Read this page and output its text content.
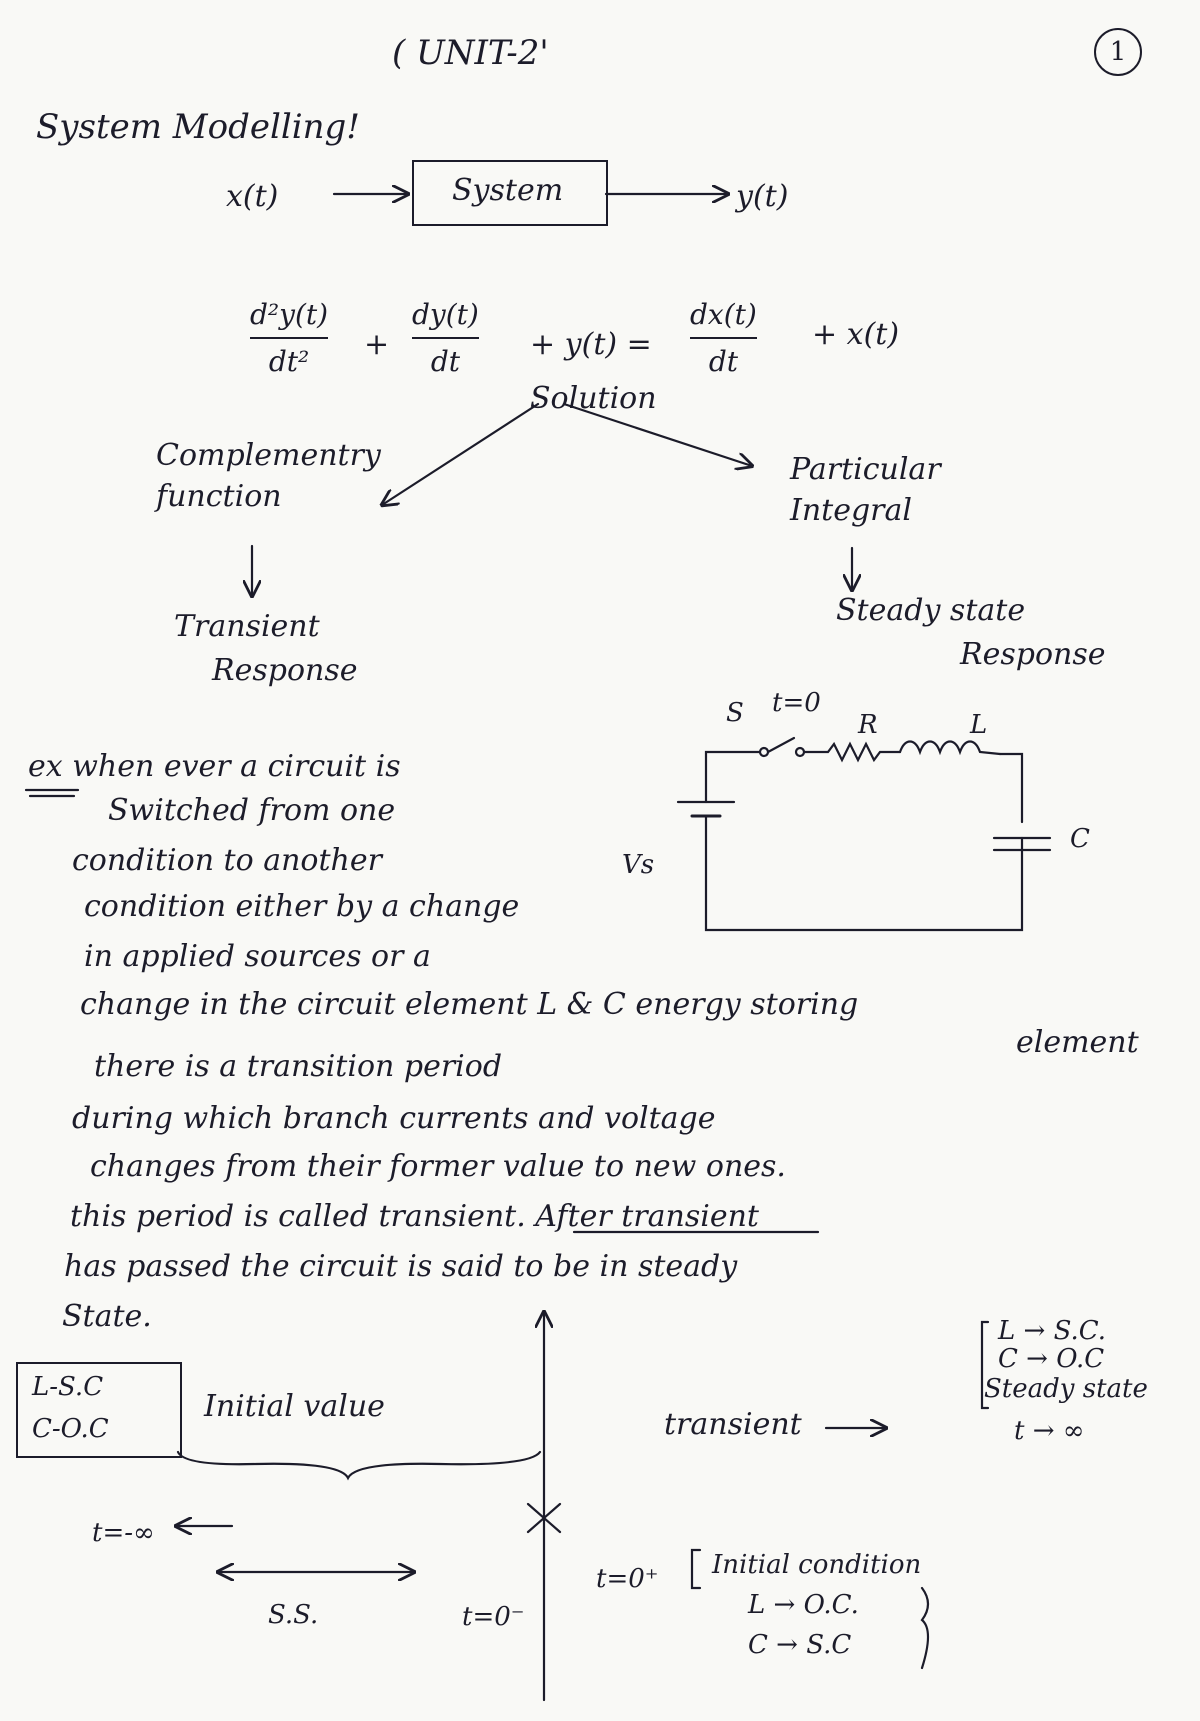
( UNIT-2'	1
System Modelling!
x(t)	System	y(t)
d²y(t)
dt² +
dy(t)
dt + y(t) =
dx(t)
dt
+ x(t)
Solution
Complementry function
Particular Integral
Transient
Response
Steady state
Response
S t=0
R	L
C
Vs
ex when ever a circuit is
Switched from one
condition to another
condition either by a change
in applied sources or a
change in the circuit element L & C energy storing
element
there is a transition period
during which branch currents and voltage
changes from their former value to new ones.
this period is called transient. After transient
has passed the circuit is said to be in steady
State.
L-S.C
C-O.C
Initial value
t=-∞
S.S.	t=0⁻
t=0⁺
transient
L → S.C.
C → O.C
Steady state
t → ∞
Initial condition
L → O.C.
C → S.C
